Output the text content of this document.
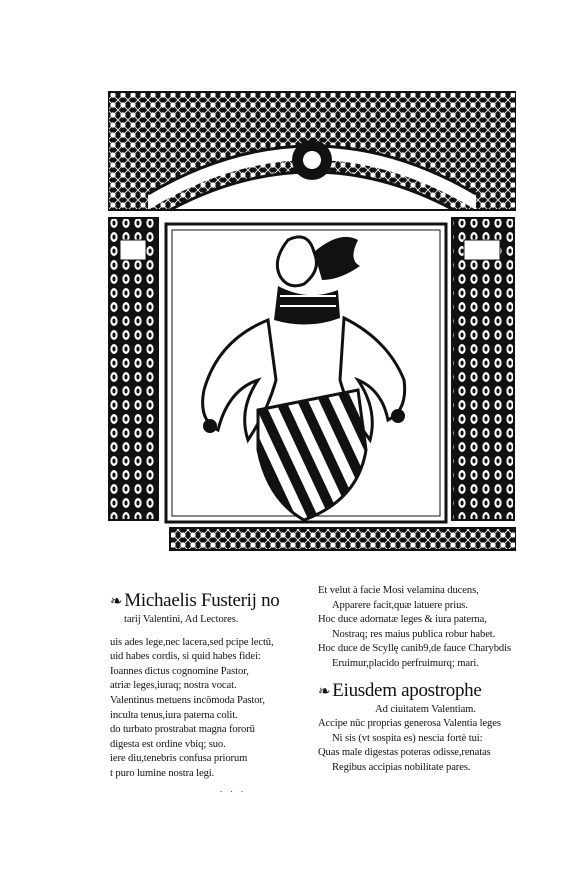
❧ Michaelis Fusterij no
tarij Valentini, Ad Lectores.
uis ades lege,nec lacera,sed pcipe lectū,
uid habes cordis, si quid habes fidei:
Ioannes dictus cognomine Pastor,
atriæ leges,iuraq; nostra vocat.
Valentinus metuens incōmoda Pastor,
inculta tenus,iura paterna colit.
do turbato prostrabat magna fororū
digesta est ordine vbiq; suo.
iere diu,tenebris confusa priorum
t puro lumine nostra legi.
. . .
Et velut à facie Mosi velamina ducens,
Apparere facit,quæ latuere prius.
Hoc duce adornatæ leges & iura paterna,
Nostraq; res maius publica robur habet.
Hoc duce de Scyllę canib9,de fauce Charybdis
Eruimur,placido perfruimurq; mari.
❧ Eiusdem apostrophe
Ad ciuitatem Valentiam.
Accipe nūc proprias generosa Valentia leges
Ni sis (vt sospita es) nescia fortè tui:
Quas male digestas poteras odisse,renatas
Regibus accipias nobilitate pares.
